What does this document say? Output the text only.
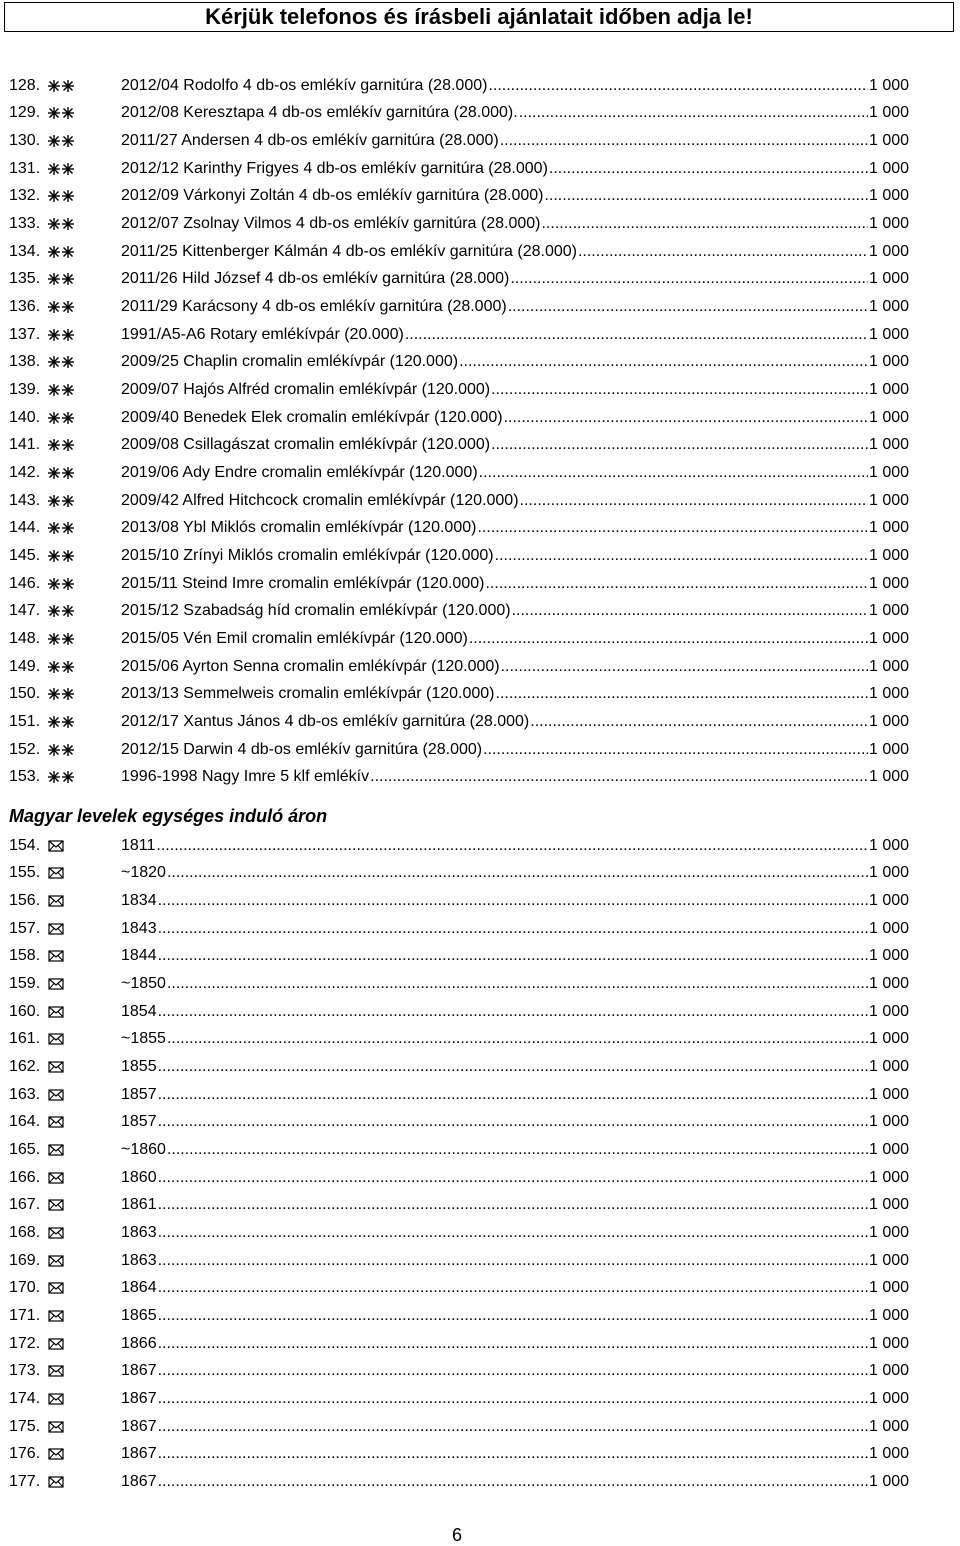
Kérjük telefonos és írásbeli ajánlatait időben adja le!
128.	2012/04 Rodolfo 4 db-os emlékív garnitúra (28.000) .....	1 000
129.	2012/08 Keresztapa 4 db-os emlékív garnitúra (28.000). .....	1 000
130.	2011/27 Andersen 4 db-os emlékív garnitúra (28.000) .....	1 000
131.	2012/12 Karinthy Frigyes 4 db-os emlékív garnitúra (28.000) .....	1 000
132.	2012/09 Várkonyi Zoltán 4 db-os emlékív garnitúra (28.000) .....	1 000
133.	2012/07 Zsolnay Vilmos 4 db-os emlékív garnitúra (28.000) .....	1 000
134.	2011/25 Kittenberger Kálmán 4 db-os emlékív garnitúra (28.000) .....	1 000
135.	2011/26 Hild József 4 db-os emlékív garnitúra (28.000) .....	1 000
136.	2011/29 Karácsony 4 db-os emlékív garnitúra (28.000) .....	1 000
137.	1991/A5-A6 Rotary emlékívpár (20.000) .....	1 000
138.	2009/25 Chaplin cromalin emlékívpár (120.000) .....	1 000
139.	2009/07 Hajós Alfréd cromalin emlékívpár (120.000) .....	1 000
140.	2009/40 Benedek Elek cromalin emlékívpár (120.000) .....	1 000
141.	2009/08 Csillagászat cromalin emlékívpár (120.000) .....	1 000
142.	2019/06 Ady Endre cromalin emlékívpár (120.000) .....	1 000
143.	2009/42 Alfred Hitchcock cromalin emlékívpár (120.000) .....	1 000
144.	2013/08 Ybl Miklós cromalin emlékívpár (120.000) .....	1 000
145.	2015/10 Zrínyi Miklós cromalin emlékívpár (120.000) .....	1 000
146.	2015/11 Steind Imre cromalin emlékívpár (120.000) .....	1 000
147.	2015/12 Szabadság híd cromalin emlékívpár (120.000) .....	1 000
148.	2015/05 Vén Emil cromalin emlékívpár (120.000) .....	1 000
149.	2015/06 Ayrton Senna cromalin emlékívpár (120.000) .....	1 000
150.	2013/13 Semmelweis cromalin emlékívpár (120.000) .....	1 000
151.	2012/17 Xantus János 4 db-os emlékív garnitúra (28.000) .....	1 000
152.	2012/15 Darwin 4 db-os emlékív garnitúra (28.000) .....	1 000
153.	1996-1998 Nagy Imre 5 klf emlékív .....	1 000
Magyar levelek egységes induló áron
154.	1811 .....	1 000
155.	~1820 .....	1 000
156.	1834 .....	1 000
157.	1843 .....	1 000
158.	1844 .....	1 000
159.	~1850 .....	1 000
160.	1854 .....	1 000
161.	~1855 .....	1 000
162.	1855 .....	1 000
163.	1857 .....	1 000
164.	1857 .....	1 000
165.	~1860 .....	1 000
166.	1860 .....	1 000
167.	1861 .....	1 000
168.	1863 .....	1 000
169.	1863 .....	1 000
170.	1864 .....	1 000
171.	1865 .....	1 000
172.	1866 .....	1 000
173.	1867 .....	1 000
174.	1867 .....	1 000
175.	1867 .....	1 000
176.	1867 .....	1 000
177.	1867 .....	1 000
6
